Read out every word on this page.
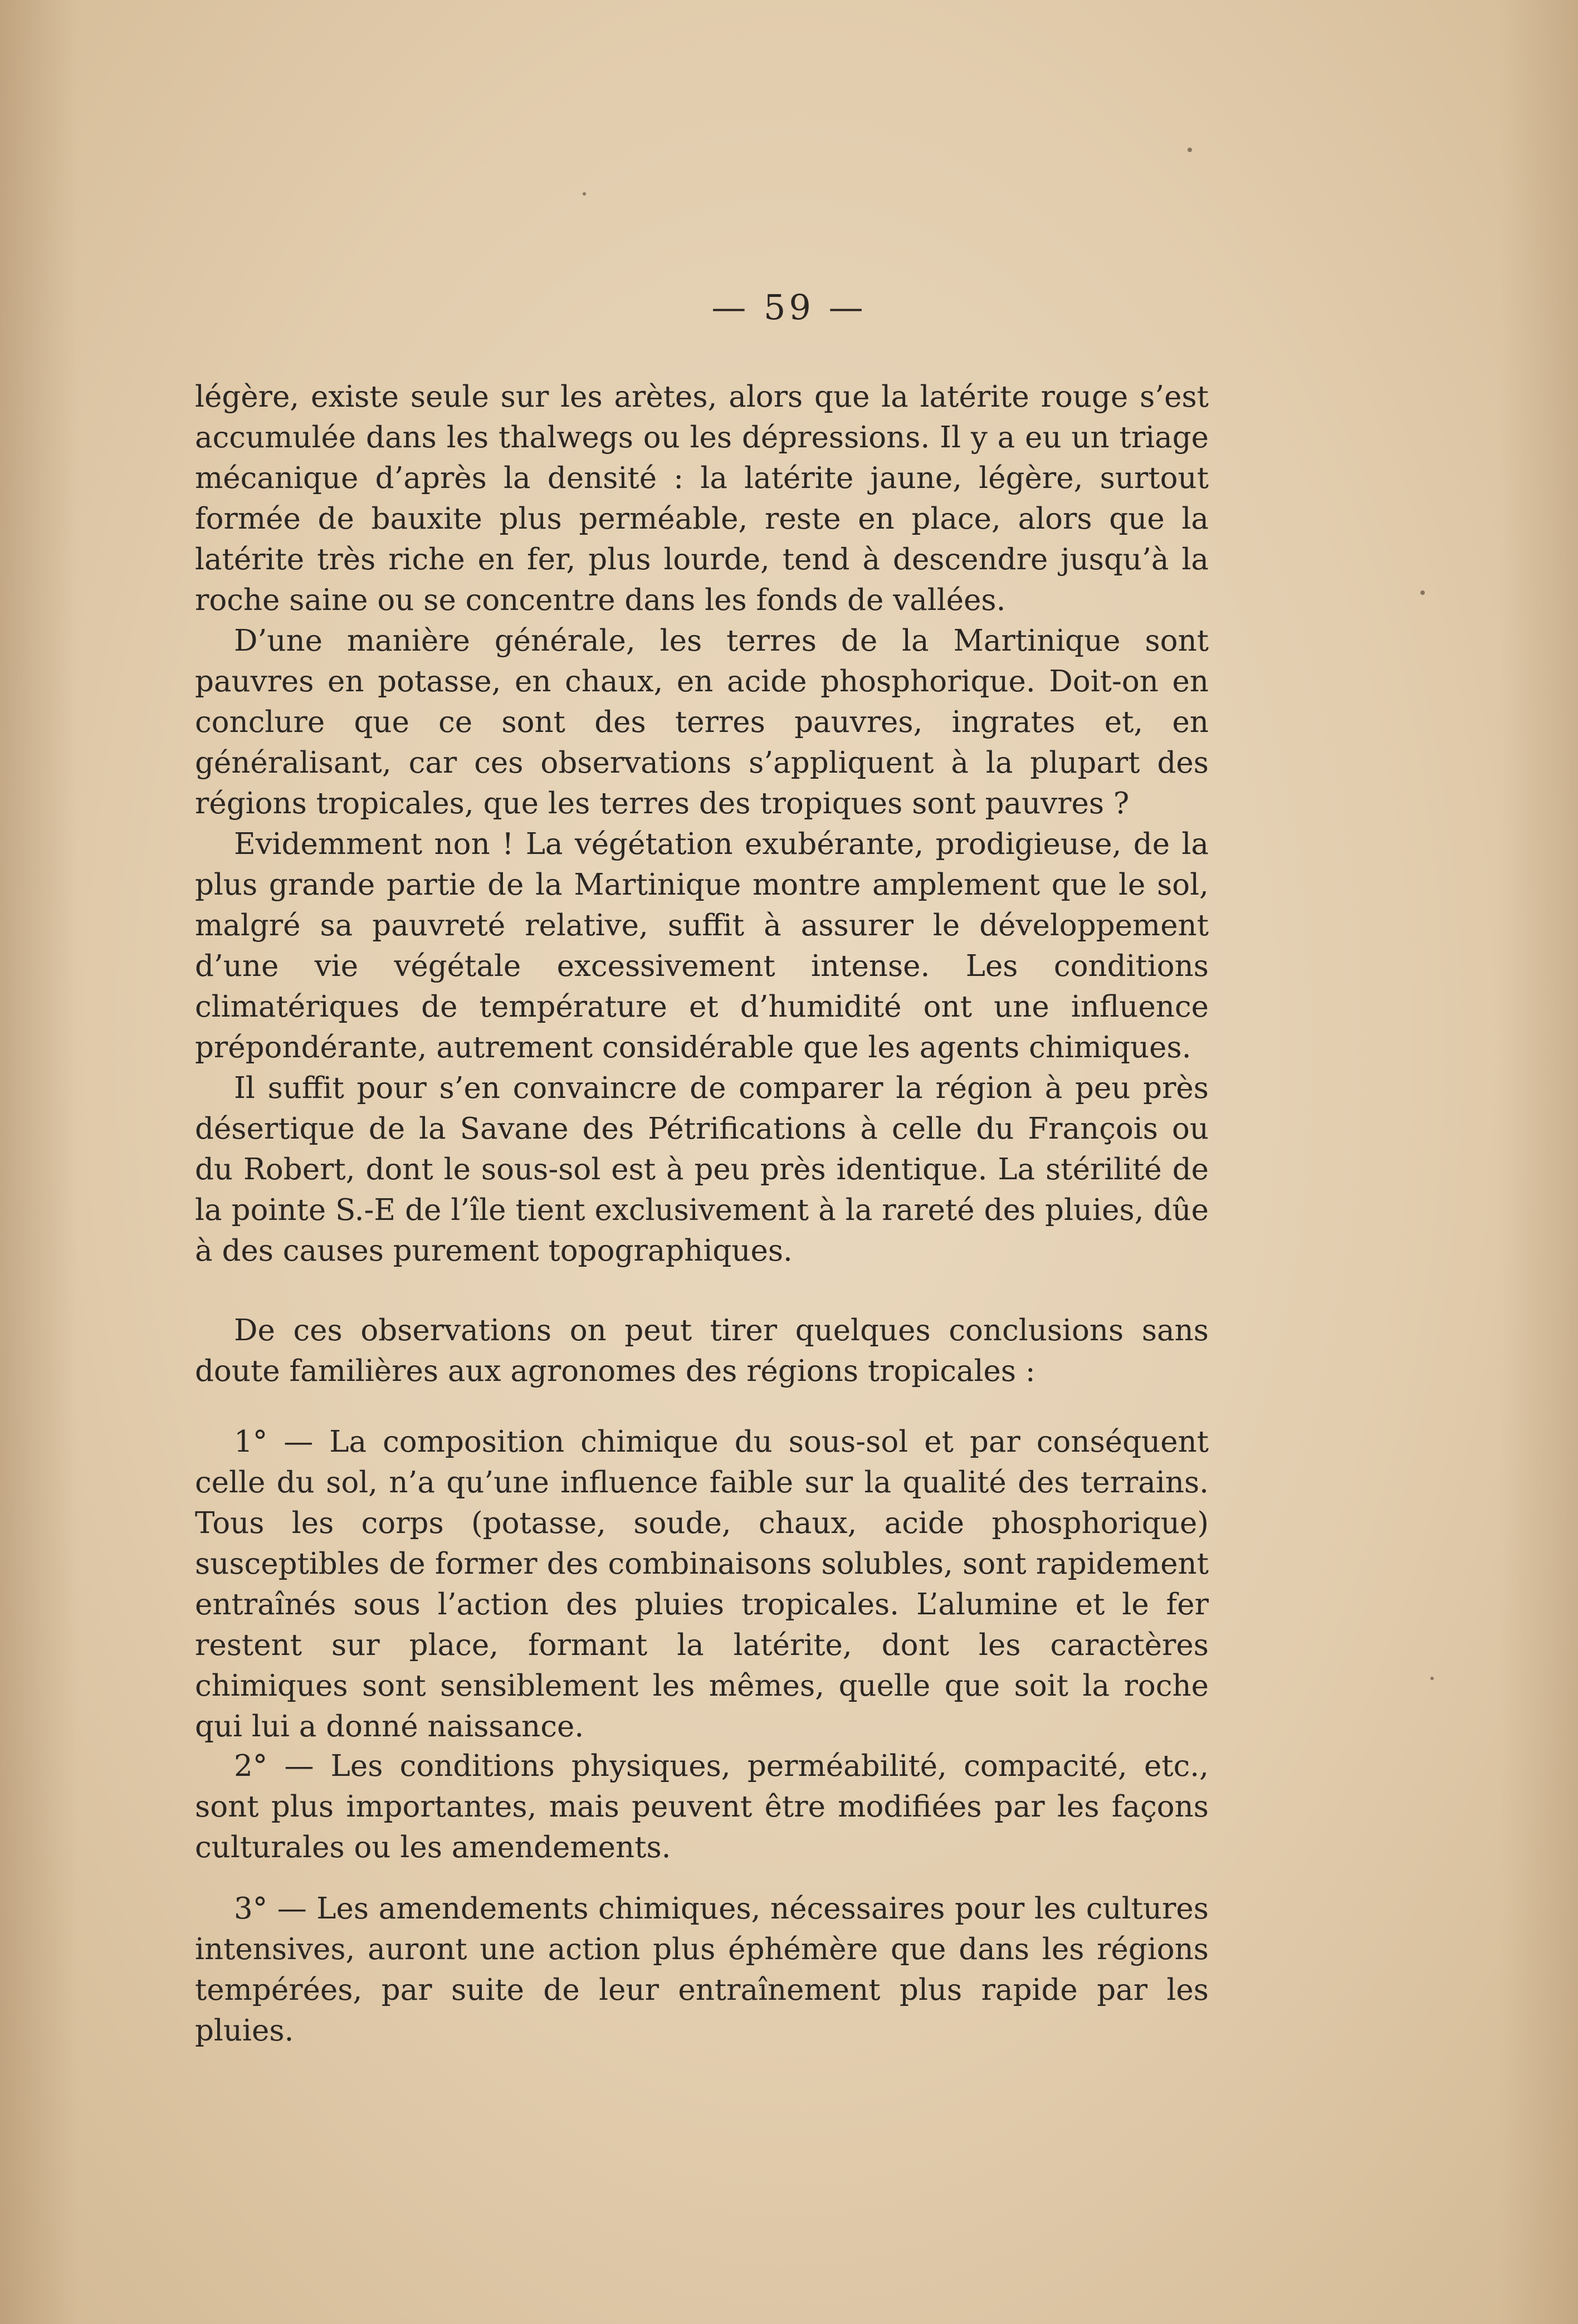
— 59 —

légère, existe seule sur les arètes, alors que la latérite rouge s’est accumulée dans les thalwegs ou les dépressions. Il y a eu un triage mécanique d’après la densité : la latérite jaune, légère, surtout formée de bauxite plus perméable, reste en place, alors que la latérite très riche en fer, plus lourde, tend à descendre jusqu’à la roche saine ou se concentre dans les fonds de vallées.

D’une manière générale, les terres de la Martinique sont pauvres en potasse, en chaux, en acide phosphorique. Doit-on en conclure que ce sont des terres pauvres, ingrates et, en généralisant, car ces observations s’appliquent à la plupart des régions tropicales, que les terres des tropiques sont pauvres ?

Evidemment non ! La végétation exubérante, prodigieuse, de la plus grande partie de la Martinique montre amplement que le sol, malgré sa pauvreté relative, suffit à assurer le développement d’une vie végétale excessivement intense. Les conditions climatériques de température et d’humidité ont une influence prépondérante, autrement considérable que les agents chimiques.

Il suffit pour s’en convaincre de comparer la région à peu près désertique de la Savane des Pétrifications à celle du François ou du Robert, dont le sous-sol est à peu près identique. La stérilité de la pointe S.-E de l’île tient exclusivement à la rareté des pluies, dûe à des causes purement topographiques.

De ces observations on peut tirer quelques conclusions sans doute familières aux agronomes des régions tropicales :

1° — La composition chimique du sous-sol et par conséquent celle du sol, n’a qu’une influence faible sur la qualité des terrains. Tous les corps (potasse, soude, chaux, acide phosphorique) susceptibles de former des combinaisons solubles, sont rapidement entraînés sous l’action des pluies tropicales. L’alumine et le fer restent sur place, formant la latérite, dont les caractères chimiques sont sensiblement les mêmes, quelle que soit la roche qui lui a donné naissance.

2° — Les conditions physiques, perméabilité, compacité, etc., sont plus importantes, mais peuvent être modifiées par les façons culturales ou les amendements.

3° — Les amendements chimiques, nécessaires pour les cultures intensives, auront une action plus éphémère que dans les régions tempérées, par suite de leur entraînement plus rapide par les pluies.
